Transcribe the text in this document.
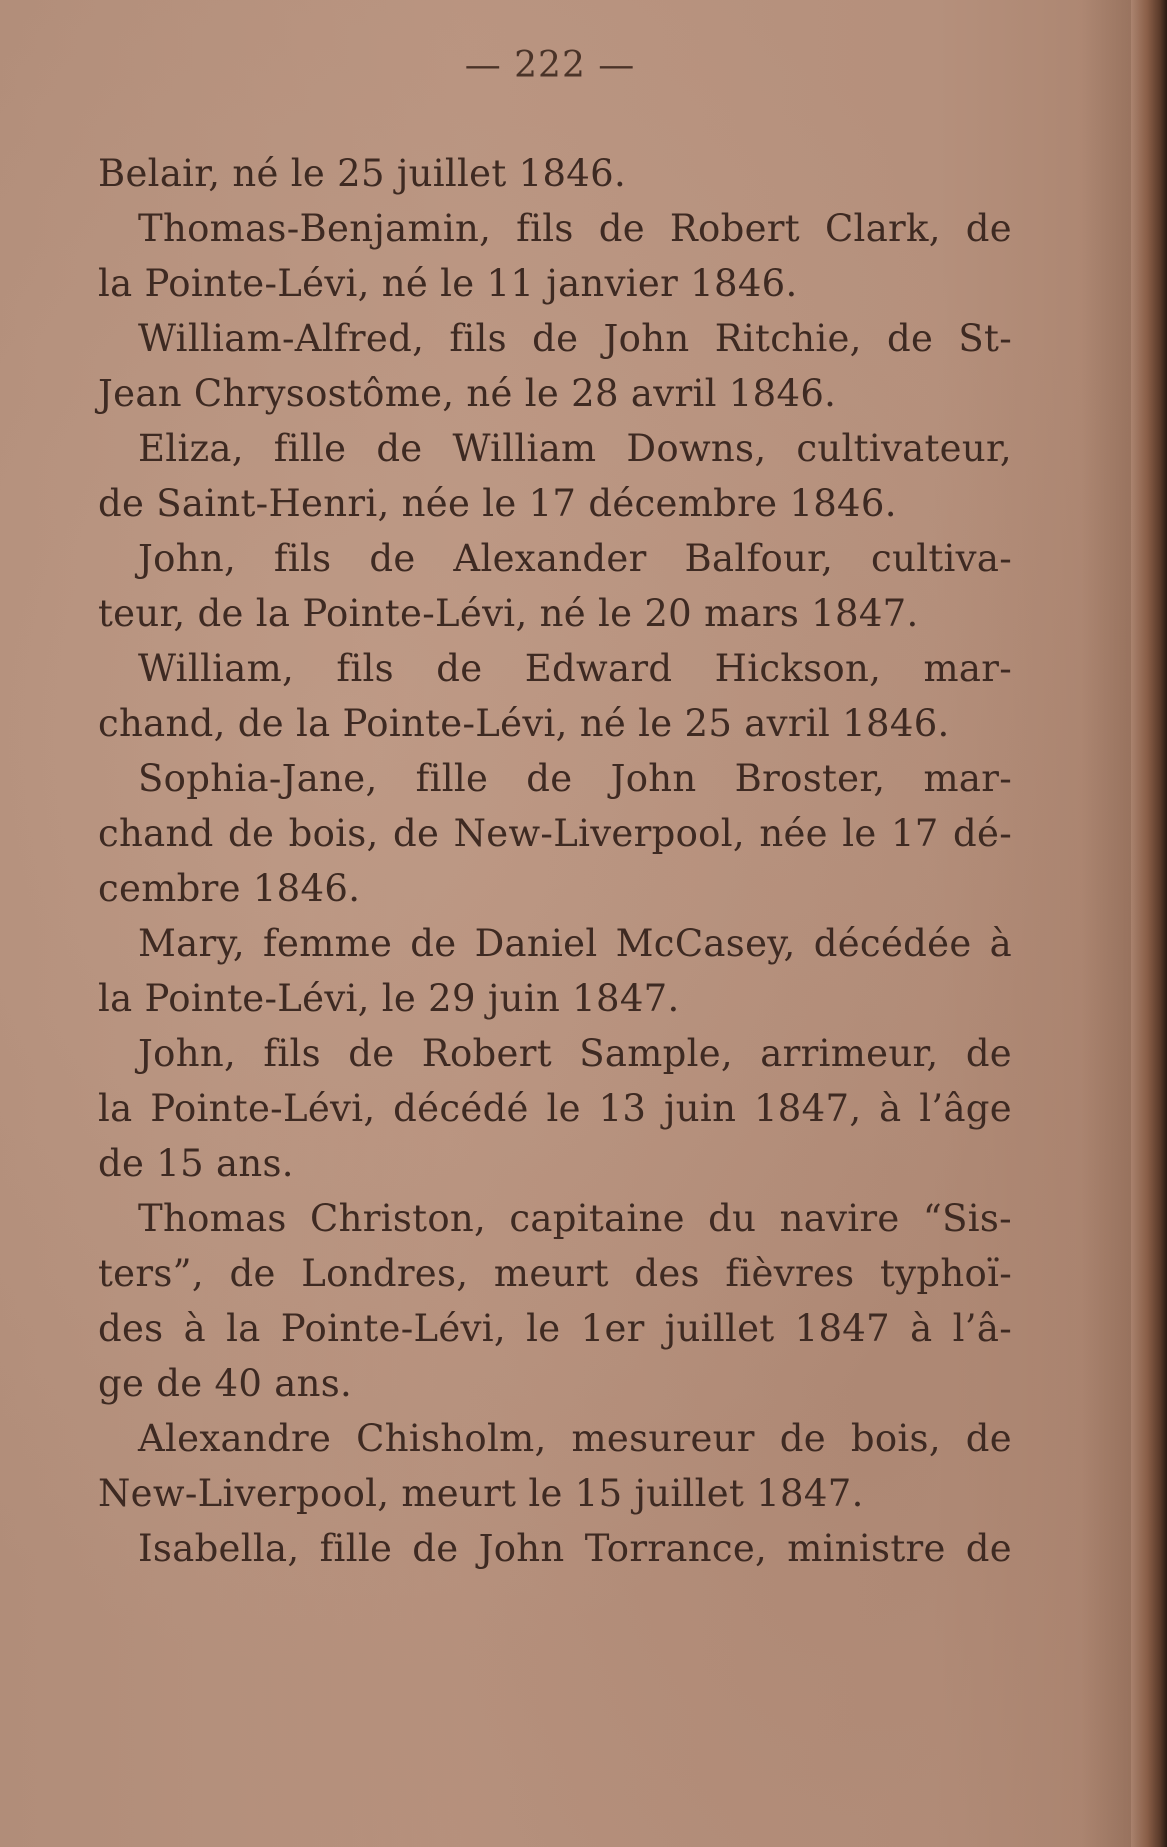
— 222 —
Belair, né le 25 juillet 1846.
Thomas-Benjamin, fils de Robert Clark, de
la Pointe-Lévi, né le 11 janvier 1846.
William-Alfred, fils de John Ritchie, de St-
Jean Chrysostôme, né le 28 avril 1846.
Eliza, fille de William Downs, cultivateur,
de Saint-Henri, née le 17 décembre 1846.
John, fils de Alexander Balfour, cultiva-
teur, de la Pointe-Lévi, né le 20 mars 1847.
William, fils de Edward Hickson, mar-
chand, de la Pointe-Lévi, né le 25 avril 1846.
Sophia-Jane, fille de John Broster, mar-
chand de bois, de New-Liverpool, née le 17 dé-
cembre 1846.
Mary, femme de Daniel McCasey, décédée à
la Pointe-Lévi, le 29 juin 1847.
John, fils de Robert Sample, arrimeur, de
la Pointe-Lévi, décédé le 13 juin 1847, à l’âge
de 15 ans.
Thomas Christon, capitaine du navire “Sis-
ters”, de Londres, meurt des fièvres typhoï-
des à la Pointe-Lévi, le 1er juillet 1847 à l’â-
ge de 40 ans.
Alexandre Chisholm, mesureur de bois, de
New-Liverpool, meurt le 15 juillet 1847.
Isabella, fille de John Torrance, ministre de
